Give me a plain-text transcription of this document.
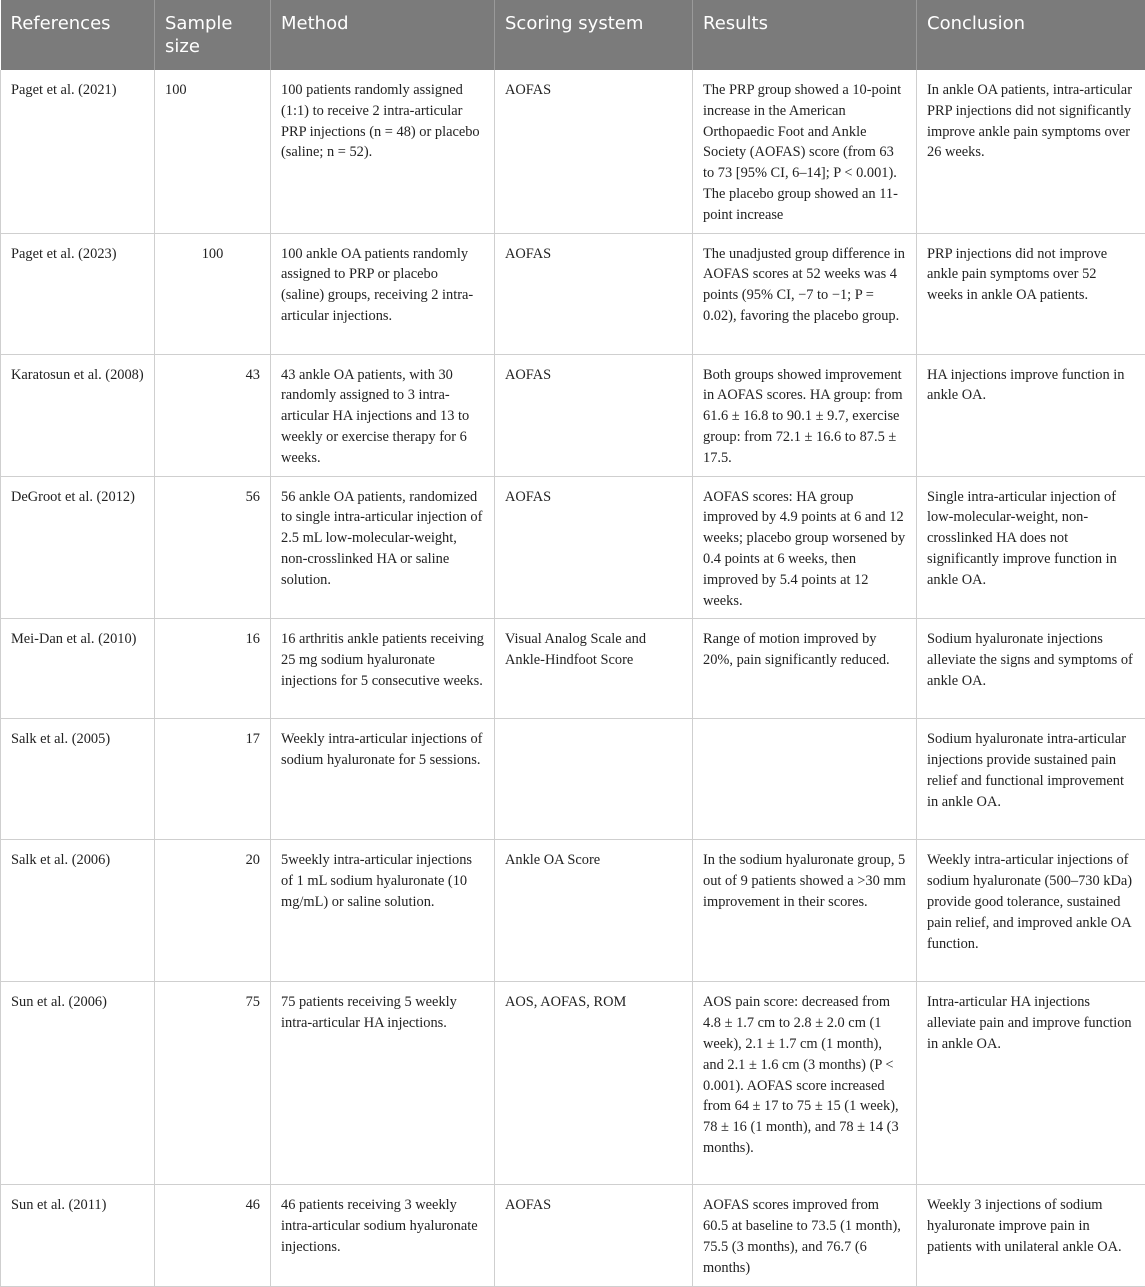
References	Sample size	Method	Scoring system	Results	Conclusion
Paget et al. (2021)	100	100 patients randomly assigned (1:1) to receive 2 intra-articular PRP injections (n = 48) or placebo (saline; n = 52).	AOFAS	The PRP group showed a 10-point increase in the American Orthopaedic Foot and Ankle Society (AOFAS) score (from 63 to 73 [95% CI, 6–14]; P < 0.001). The placebo group showed an 11-point increase	In ankle OA patients, intra-articular PRP injections did not significantly improve ankle pain symptoms over 26 weeks.
Paget et al. (2023)	100	100 ankle OA patients randomly assigned to PRP or placebo (saline) groups, receiving 2 intra-articular injections.	AOFAS	The unadjusted group difference in AOFAS scores at 52 weeks was 4 points (95% CI, −7 to −1; P = 0.02), favoring the placebo group.	PRP injections did not improve ankle pain symptoms over 52 weeks in ankle OA patients.
Karatosun et al. (2008)	43	43 ankle OA patients, with 30 randomly assigned to 3 intra-articular HA injections and 13 to weekly or exercise therapy for 6 weeks.	AOFAS	Both groups showed improvement in AOFAS scores. HA group: from 61.6 ± 16.8 to 90.1 ± 9.7, exercise group: from 72.1 ± 16.6 to 87.5 ± 17.5.	HA injections improve function in ankle OA.
DeGroot et al. (2012)	56	56 ankle OA patients, randomized to single intra-articular injection of 2.5 mL low-molecular-weight, non-crosslinked HA or saline solution.	AOFAS	AOFAS scores: HA group improved by 4.9 points at 6 and 12 weeks; placebo group worsened by 0.4 points at 6 weeks, then improved by 5.4 points at 12 weeks.	Single intra-articular injection of low-molecular-weight, non-crosslinked HA does not significantly improve function in ankle OA.
Mei-Dan et al. (2010)	16	16 arthritis ankle patients receiving 25 mg sodium hyaluronate injections for 5 consecutive weeks.	Visual Analog Scale and Ankle-Hindfoot Score	Range of motion improved by 20%, pain significantly reduced.	Sodium hyaluronate injections alleviate the signs and symptoms of ankle OA.
Salk et al. (2005)	17	Weekly intra-articular injections of sodium hyaluronate for 5 sessions.			Sodium hyaluronate intra-articular injections provide sustained pain relief and functional improvement in ankle OA.
Salk et al. (2006)	20	5weekly intra-articular injections of 1 mL sodium hyaluronate (10 mg/mL) or saline solution.	Ankle OA Score	In the sodium hyaluronate group, 5 out of 9 patients showed a >30 mm improvement in their scores.	Weekly intra-articular injections of sodium hyaluronate (500–730 kDa) provide good tolerance, sustained pain relief, and improved ankle OA function.
Sun et al. (2006)	75	75 patients receiving 5 weekly intra-articular HA injections.	AOS, AOFAS, ROM	AOS pain score: decreased from 4.8 ± 1.7 cm to 2.8 ± 2.0 cm (1 week), 2.1 ± 1.7 cm (1 month), and 2.1 ± 1.6 cm (3 months) (P < 0.001). AOFAS score increased from 64 ± 17 to 75 ± 15 (1 week), 78 ± 16 (1 month), and 78 ± 14 (3 months).	Intra-articular HA injections alleviate pain and improve function in ankle OA.
Sun et al. (2011)	46	46 patients receiving 3 weekly intra-articular sodium hyaluronate injections.	AOFAS	AOFAS scores improved from 60.5 at baseline to 73.5 (1 month), 75.5 (3 months), and 76.7 (6 months)	Weekly 3 injections of sodium hyaluronate improve pain in patients with unilateral ankle OA.
